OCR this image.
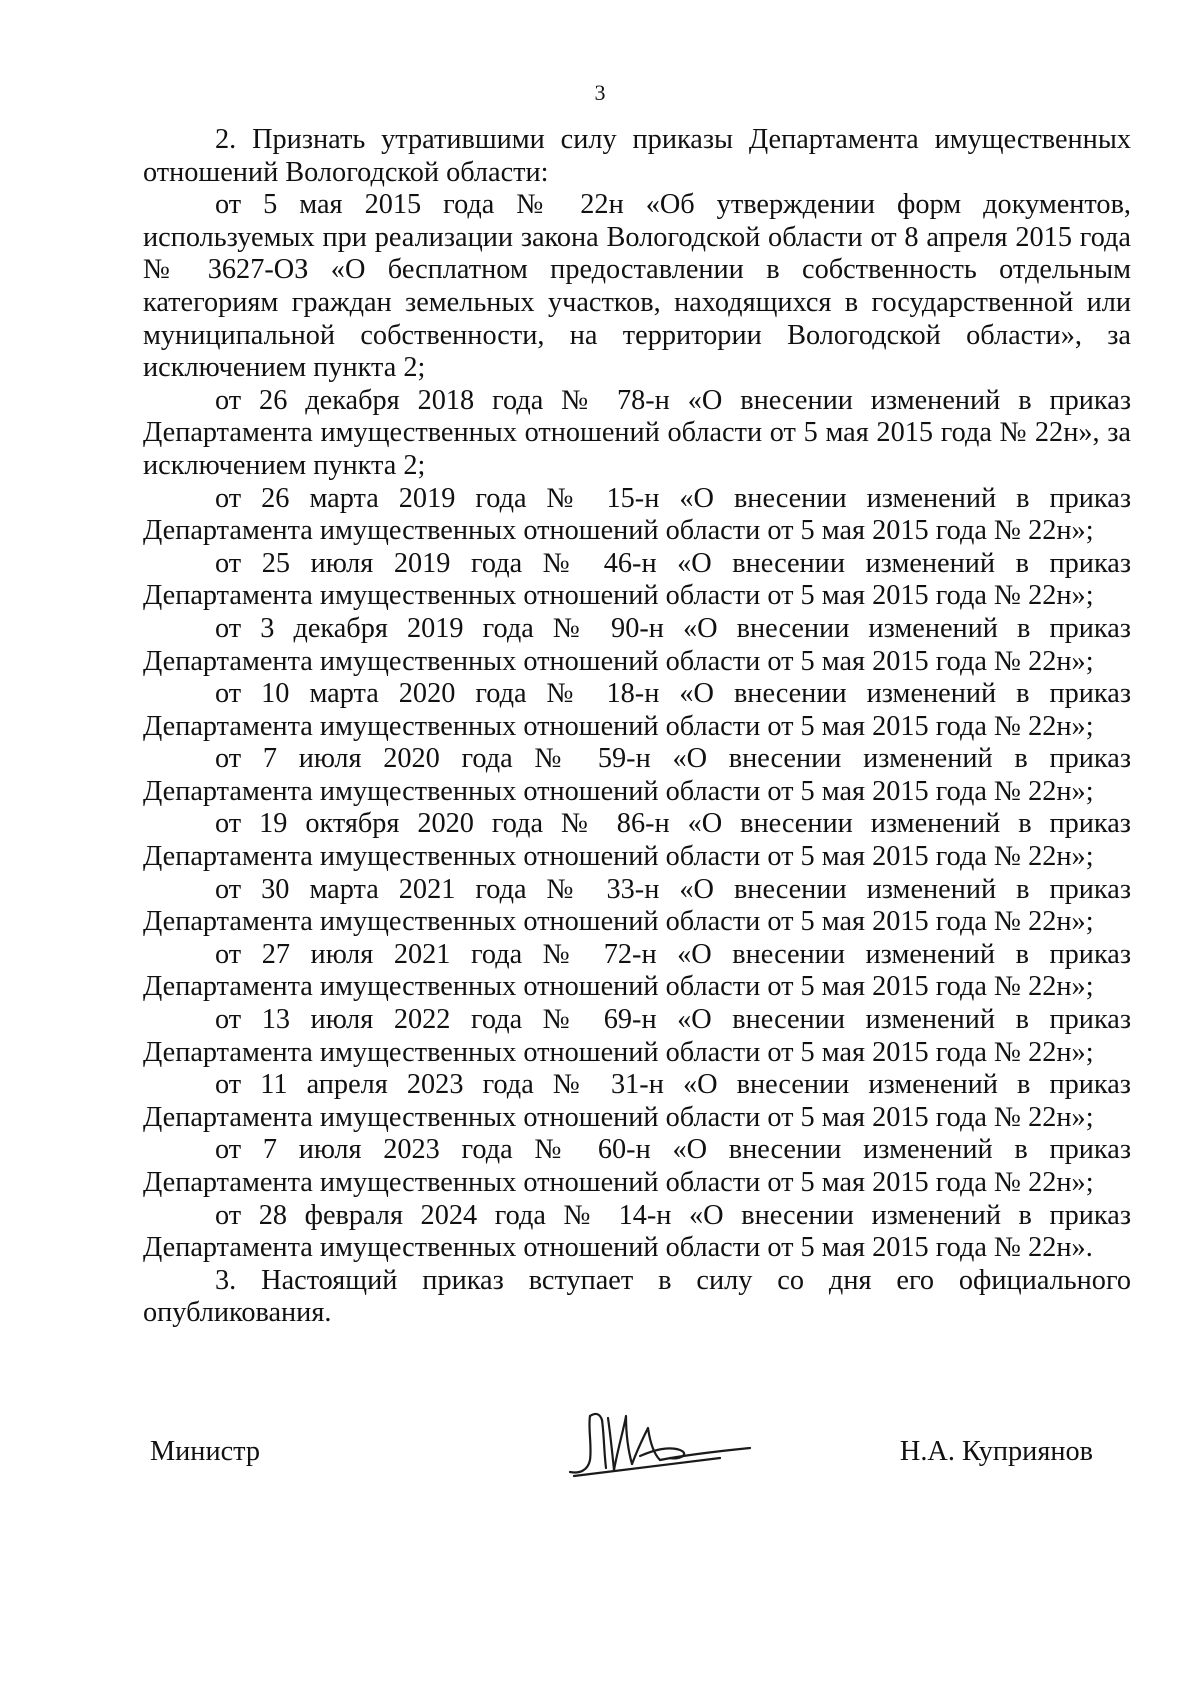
3

2. Признать утратившими силу приказы Департамента имущественных отношений Вологодской области:

от 5 мая 2015 года № 22н «Об утверждении форм документов, используемых при реализации закона Вологодской области от 8 апреля 2015 года № 3627-ОЗ «О бесплатном предоставлении в собственность отдельным категориям граждан земельных участков, находящихся в государственной или муниципальной собственности, на территории Вологодской области», за исключением пункта 2;

от 26 декабря 2018 года № 78-н «О внесении изменений в приказ Департамента имущественных отношений области от 5 мая 2015 года № 22н», за исключением пункта 2;

от 26 марта 2019 года № 15-н «О внесении изменений в приказ Департамента имущественных отношений области от 5 мая 2015 года № 22н»;

от 25 июля 2019 года № 46-н «О внесении изменений в приказ Департамента имущественных отношений области от 5 мая 2015 года № 22н»;

от 3 декабря 2019 года № 90-н «О внесении изменений в приказ Департамента имущественных отношений области от 5 мая 2015 года № 22н»;

от 10 марта 2020 года № 18-н «О внесении изменений в приказ Департамента имущественных отношений области от 5 мая 2015 года № 22н»;

от 7 июля 2020 года № 59-н «О внесении изменений в приказ Департамента имущественных отношений области от 5 мая 2015 года № 22н»;

от 19 октября 2020 года № 86-н «О внесении изменений в приказ Департамента имущественных отношений области от 5 мая 2015 года № 22н»;

от 30 марта 2021 года № 33-н «О внесении изменений в приказ Департамента имущественных отношений области от 5 мая 2015 года № 22н»;

от 27 июля 2021 года № 72-н «О внесении изменений в приказ Департамента имущественных отношений области от 5 мая 2015 года № 22н»;

от 13 июля 2022 года № 69-н «О внесении изменений в приказ Департамента имущественных отношений области от 5 мая 2015 года № 22н»;

от 11 апреля 2023 года № 31-н «О внесении изменений в приказ Департамента имущественных отношений области от 5 мая 2015 года № 22н»;

от 7 июля 2023 года № 60-н «О внесении изменений в приказ Департамента имущественных отношений области от 5 мая 2015 года № 22н»;

от 28 февраля 2024 года № 14-н «О внесении изменений в приказ Департамента имущественных отношений области от 5 мая 2015 года № 22н».

3. Настоящий приказ вступает в силу со дня его официального опубликования.

Министр	Н.А. Куприянов
